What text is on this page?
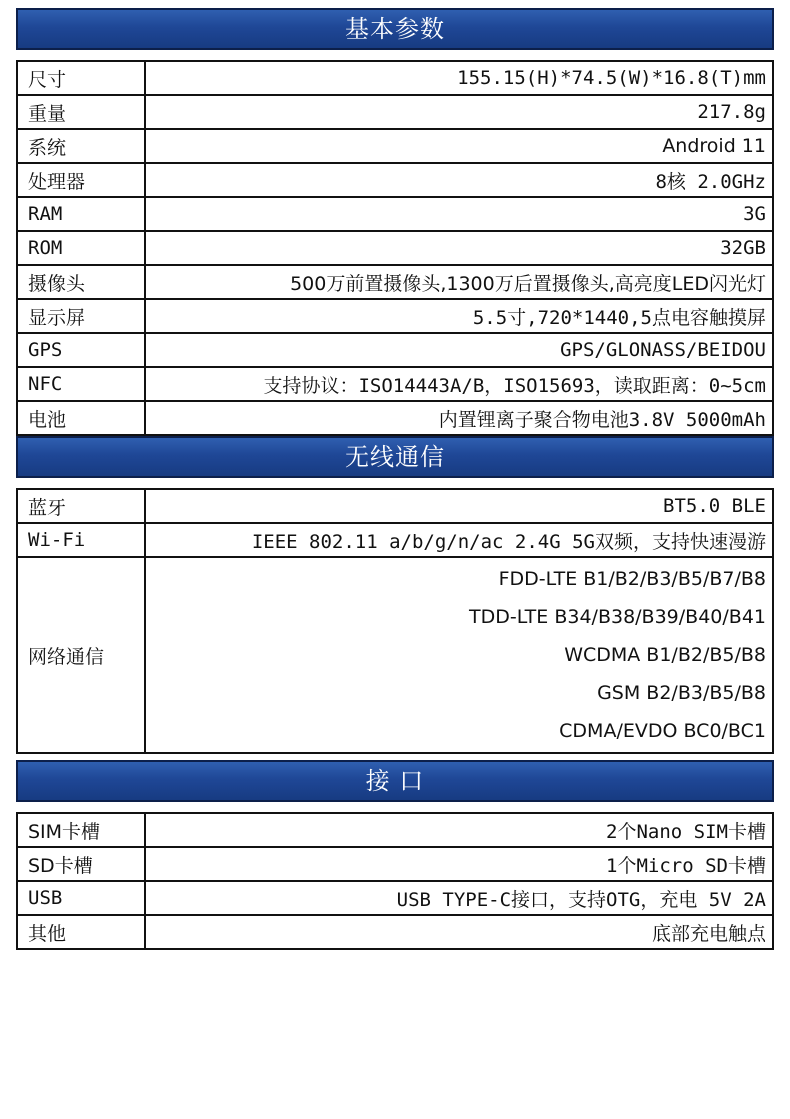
基本参数
尺寸	155.15(H)*74.5(W)*16.8(T)mm
重量	217.8g
系统	Android 11
处理器	8核 2.0GHz
RAM	3G
ROM	32GB
摄像头	500万前置摄像头,1300万后置摄像头,高亮度LED闪光灯
显示屏	5.5寸,720*1440,5点电容触摸屏
GPS	GPS/GLONASS/BEIDOU
NFC	支持协议：ISO14443A/B，ISO15693，读取距离：0~5cm
电池	内置锂离子聚合物电池3.8V 5000mAh
无线通信
蓝牙	BT5.0 BLE
Wi-Fi	IEEE 802.11 a/b/g/n/ac 2.4G 5G双频，支持快速漫游
网络通信	FDD-LTE B1/B2/B3/B5/B7/B8
TDD-LTE B34/B38/B39/B40/B41
WCDMA B1/B2/B5/B8
GSM B2/B3/B5/B8
CDMA/EVDO BC0/BC1
接 口
SIM卡槽	2个Nano SIM卡槽
SD卡槽	1个Micro SD卡槽
USB	USB TYPE-C接口，支持OTG，充电 5V 2A
其他	底部充电触点
